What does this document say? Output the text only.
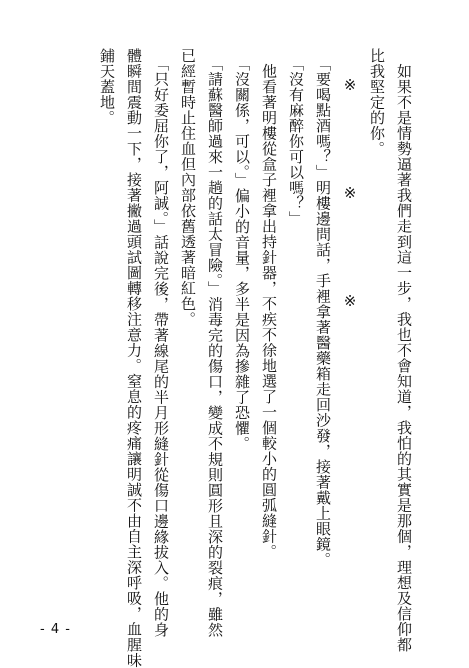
　如果不是情勢逼著我們走到這一步，我也不會知道，我怕的其實是那個，理想及信仰都
比我堅定的你。
※　　　　　　※　　　　　　※
　「要喝點酒嗎？」明樓邊問話，手裡拿著醫藥箱走回沙發，接著戴上眼鏡。
　「沒有麻醉你可以嗎？」
　他看著明樓從盒子裡拿出持針器，不疾不徐地選了一個較小的圓弧縫針。
　「沒關係，可以。」偏小的音量，多半是因為摻雜了恐懼。
　「請蘇醫師過來一趟的話太冒險。」消毒完的傷口，變成不規則圓形且深的裂痕，雖然
已經暫時止住血但內部依舊透著暗紅色。
　「只好委屈你了，阿誠。」話說完後，帶著線尾的半月形縫針從傷口邊緣拔入。他的身
體瞬間震動一下，接著撇過頭試圖轉移注意力。窒息的疼痛讓明誠不由自主深呼吸，血腥味
鋪天蓋地。
- 4 -
